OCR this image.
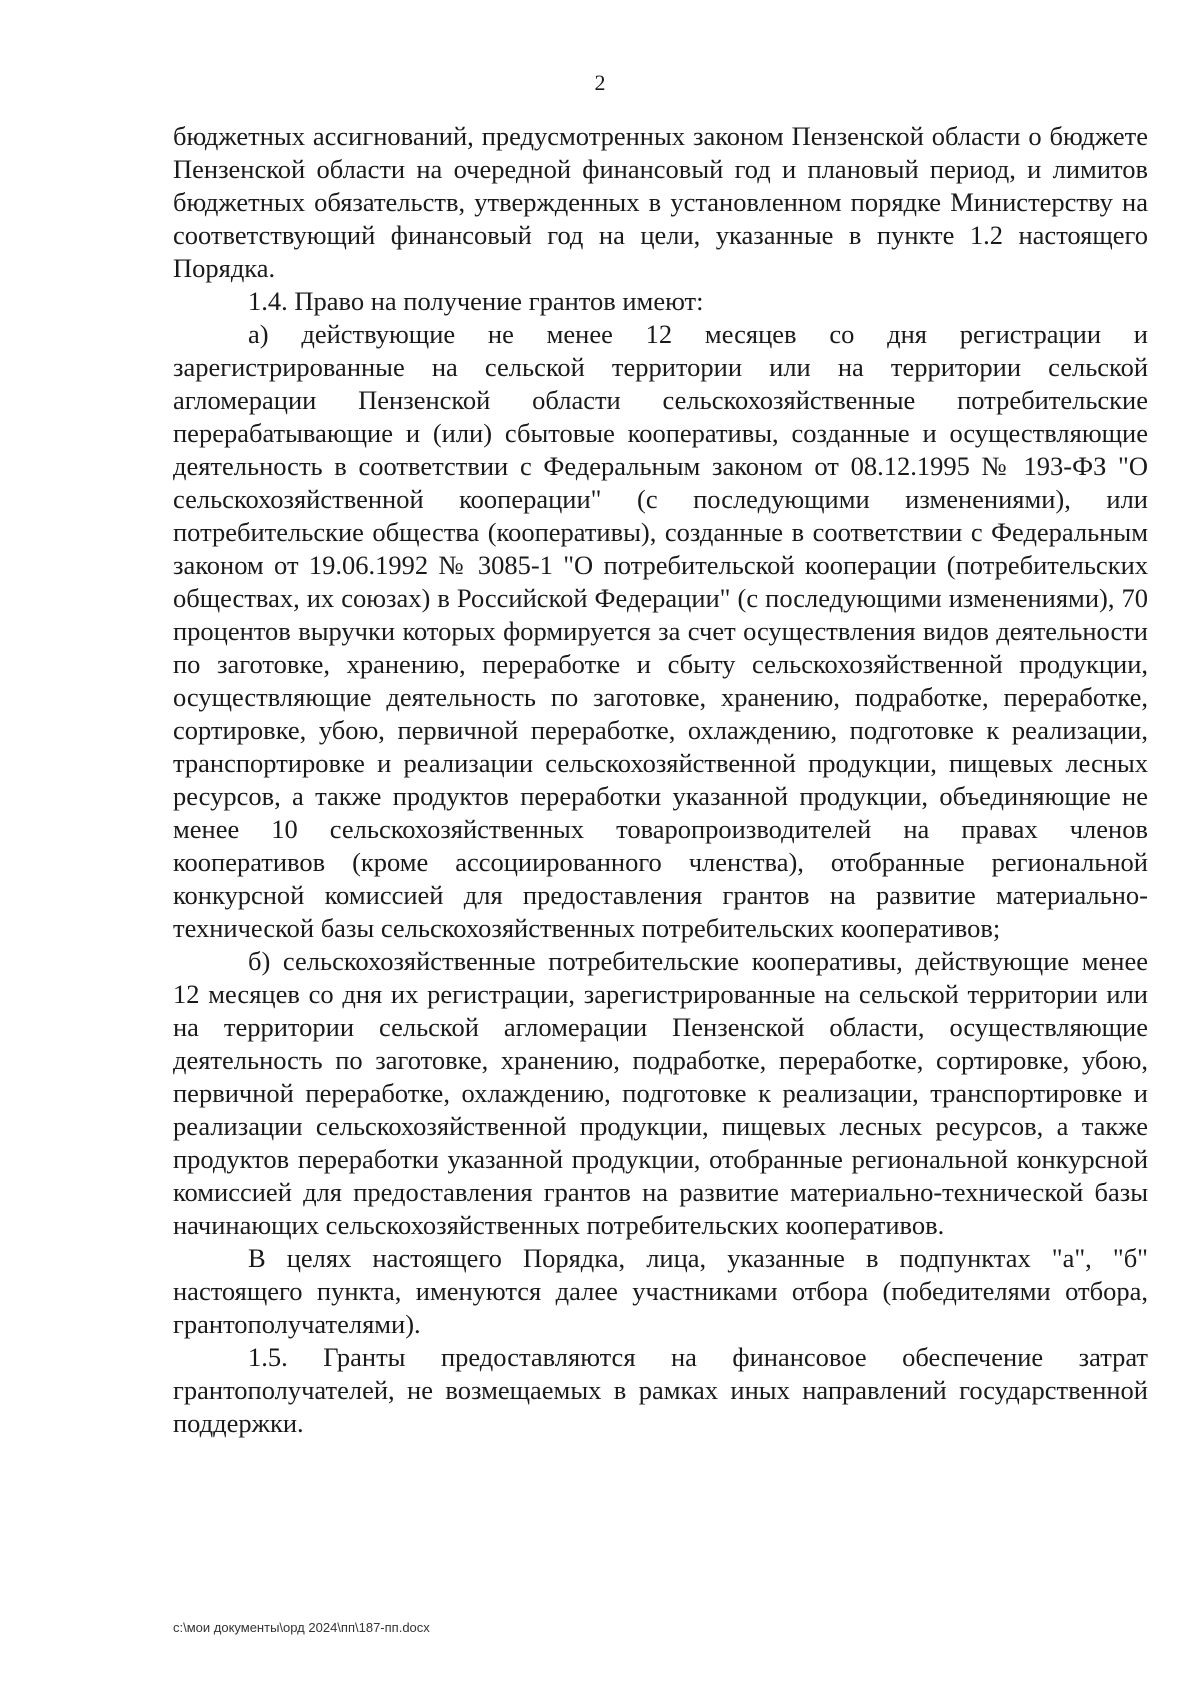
2

бюджетных ассигнований, предусмотренных законом Пензенской области о бюджете Пензенской области на очередной финансовый год и плановый период, и лимитов бюджетных обязательств, утвержденных в установленном порядке Министерству на соответствующий финансовый год на цели, указанные в пункте 1.2 настоящего Порядка.

1.4. Право на получение грантов имеют:

а) действующие не менее 12 месяцев со дня регистрации и зарегистрированные на сельской территории или на территории сельской агломерации Пензенской области сельскохозяйственные потребительские перерабатывающие и (или) сбытовые кооперативы, созданные и осуществляющие деятельность в соответствии с Федеральным законом от 08.12.1995 № 193-ФЗ "О сельскохозяйственной кооперации" (с последующими изменениями), или потребительские общества (кооперативы), созданные в соответствии с Федеральным законом от 19.06.1992 № 3085-1 "О потребительской кооперации (потребительских обществах, их союзах) в Российской Федерации" (с последующими изменениями), 70 процентов выручки которых формируется за счет осуществления видов деятельности по заготовке, хранению, переработке и сбыту сельскохозяйственной продукции, осуществляющие деятельность по заготовке, хранению, подработке, переработке, сортировке, убою, первичной переработке, охлаждению, подготовке к реализации, транспортировке и реализации сельскохозяйственной продукции, пищевых лесных ресурсов, а также продуктов переработки указанной продукции, объединяющие не менее 10 сельскохозяйственных товаропроизводителей на правах членов кооперативов (кроме ассоциированного членства), отобранные региональной конкурсной комиссией для предоставления грантов на развитие материально-технической базы сельскохозяйственных потребительских кооперативов;

б) сельскохозяйственные потребительские кооперативы, действующие менее 12 месяцев со дня их регистрации, зарегистрированные на сельской территории или на территории сельской агломерации Пензенской области, осуществляющие деятельность по заготовке, хранению, подработке, переработке, сортировке, убою, первичной переработке, охлаждению, подготовке к реализации, транспортировке и реализации сельскохозяйственной продукции, пищевых лесных ресурсов, а также продуктов переработки указанной продукции, отобранные региональной конкурсной комиссией для предоставления грантов на развитие материально-технической базы начинающих сельскохозяйственных потребительских кооперативов.

В целях настоящего Порядка, лица, указанные в подпунктах "а", "б" настоящего пункта, именуются далее участниками отбора (победителями отбора, грантополучателями).

1.5. Гранты предоставляются на финансовое обеспечение затрат грантополучателей, не возмещаемых в рамках иных направлений государственной поддержки.

c:\мои документы\орд 2024\пп\187-пп.docx
